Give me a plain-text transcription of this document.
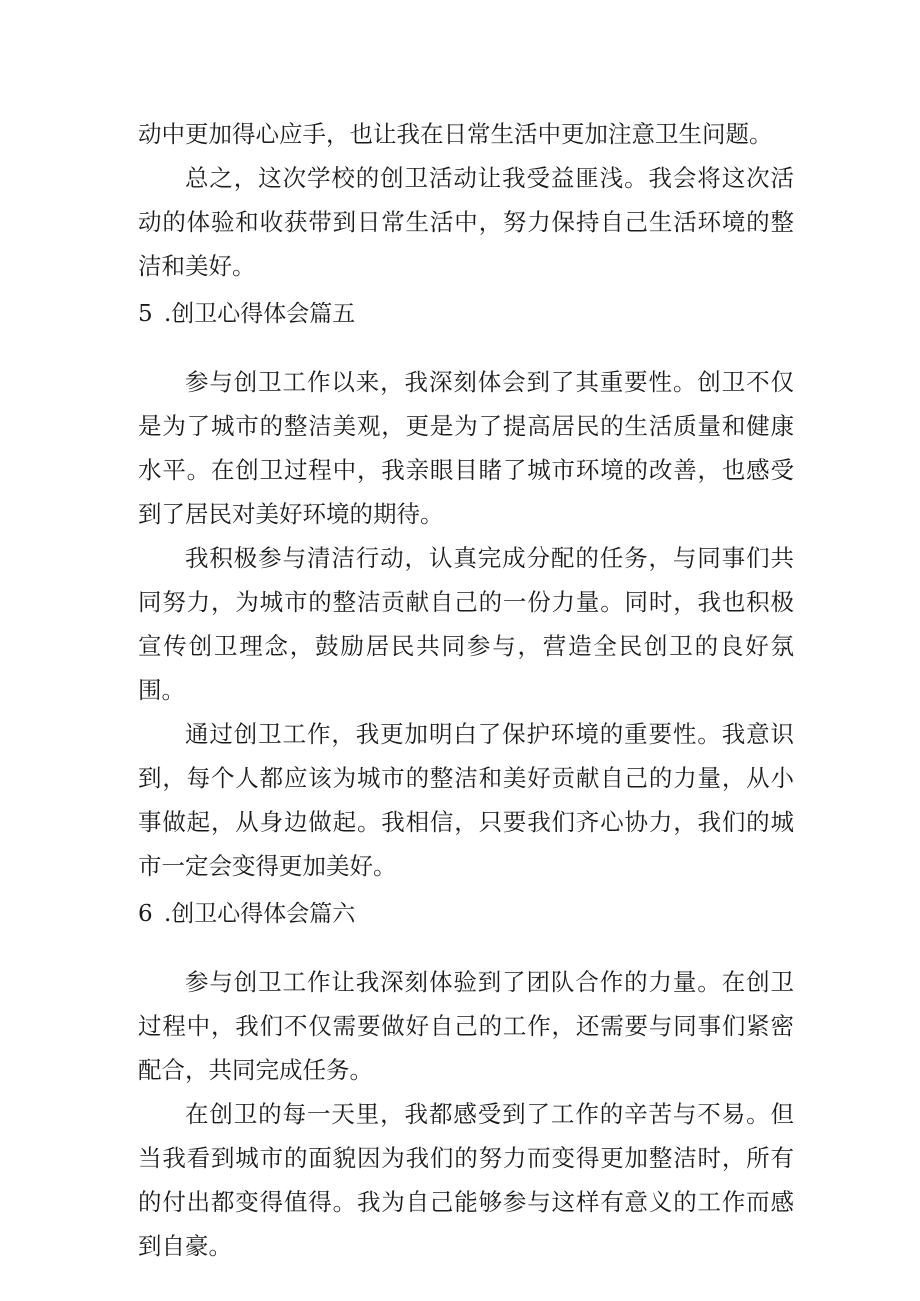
动中更加得心应手，也让我在日常生活中更加注意卫生问题。

总之，这次学校的创卫活动让我受益匪浅。我会将这次活动的体验和收获带到日常生活中，努力保持自己生活环境的整洁和美好。

5 .创卫心得体会篇五

参与创卫工作以来，我深刻体会到了其重要性。创卫不仅是为了城市的整洁美观，更是为了提高居民的生活质量和健康水平。在创卫过程中，我亲眼目睹了城市环境的改善，也感受到了居民对美好环境的期待。

我积极参与清洁行动，认真完成分配的任务，与同事们共同努力，为城市的整洁贡献自己的一份力量。同时，我也积极宣传创卫理念，鼓励居民共同参与，营造全民创卫的良好氛围。

通过创卫工作，我更加明白了保护环境的重要性。我意识到，每个人都应该为城市的整洁和美好贡献自己的力量，从小事做起，从身边做起。我相信，只要我们齐心协力，我们的城市一定会变得更加美好。

6 .创卫心得体会篇六

参与创卫工作让我深刻体验到了团队合作的力量。在创卫过程中，我们不仅需要做好自己的工作，还需要与同事们紧密配合，共同完成任务。

在创卫的每一天里，我都感受到了工作的辛苦与不易。但当我看到城市的面貌因为我们的努力而变得更加整洁时，所有的付出都变得值得。我为自己能够参与这样有意义的工作而感到自豪。
